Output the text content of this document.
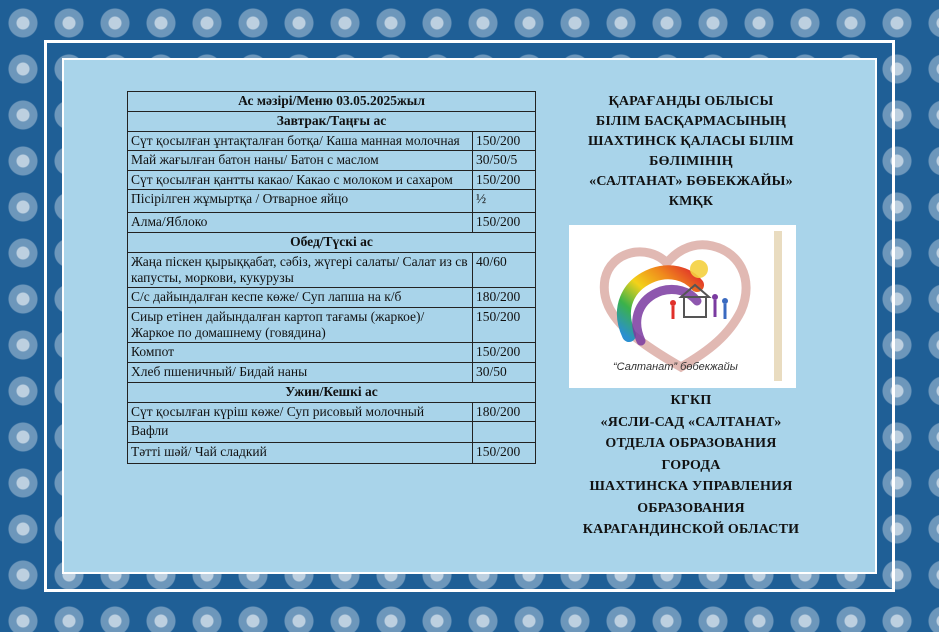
Ас мәзірі/Меню 03.05.2025жыл	
Завтрак/Таңғы ас	
Сүт қосылған ұнтақталған ботқа/ Каша манная молочная	150/200
Май жағылған батон наны/ Батон с маслом	30/50/5
Сүт қосылған қантты какао/ Какао с молоком и сахаром	150/200
Пісірілген жұмыртқа / Отварное яйцо	½
Алма/Яблоко	150/200
Обед/Түскі ас	
Жаңа піскен қырыққабат, сәбіз, жүгері салаты/ Салат из св капусты, моркови, кукурузы	40/60
С/с дайындалған кеспе көже/ Суп лапша на к/б	180/200
Сиыр етінен дайындалған картоп тағамы (жаркое)/ Жаркое по домашнему (говядина)	150/200
Компот	150/200
Хлеб пшеничный/ Бидай наны	30/50
Ужин/Кешкі ас	
Сүт қосылған күріш көже/ Суп рисовый молочный	180/200
Вафли	
Тәтті шәй/ Чай сладкий	150/200
ҚАРАҒАНДЫ ОБЛЫСЫ
БІЛІМ БАСҚАРМАСЫНЫҢ
ШАХТИНСК ҚАЛАСЫ БІЛІМ
БӨЛІМІНІҢ
«САЛТАНАТ» БӨБЕКЖАЙЫ»
КМҚК
“Салтанат” бөбекжайы
КГКП
«ЯСЛИ-САД «САЛТАНАТ»
ОТДЕЛА ОБРАЗОВАНИЯ
ГОРОДА
ШАХТИНСКА УПРАВЛЕНИЯ
ОБРАЗОВАНИЯ
КАРАГАНДИНСКОЙ ОБЛАСТИ
